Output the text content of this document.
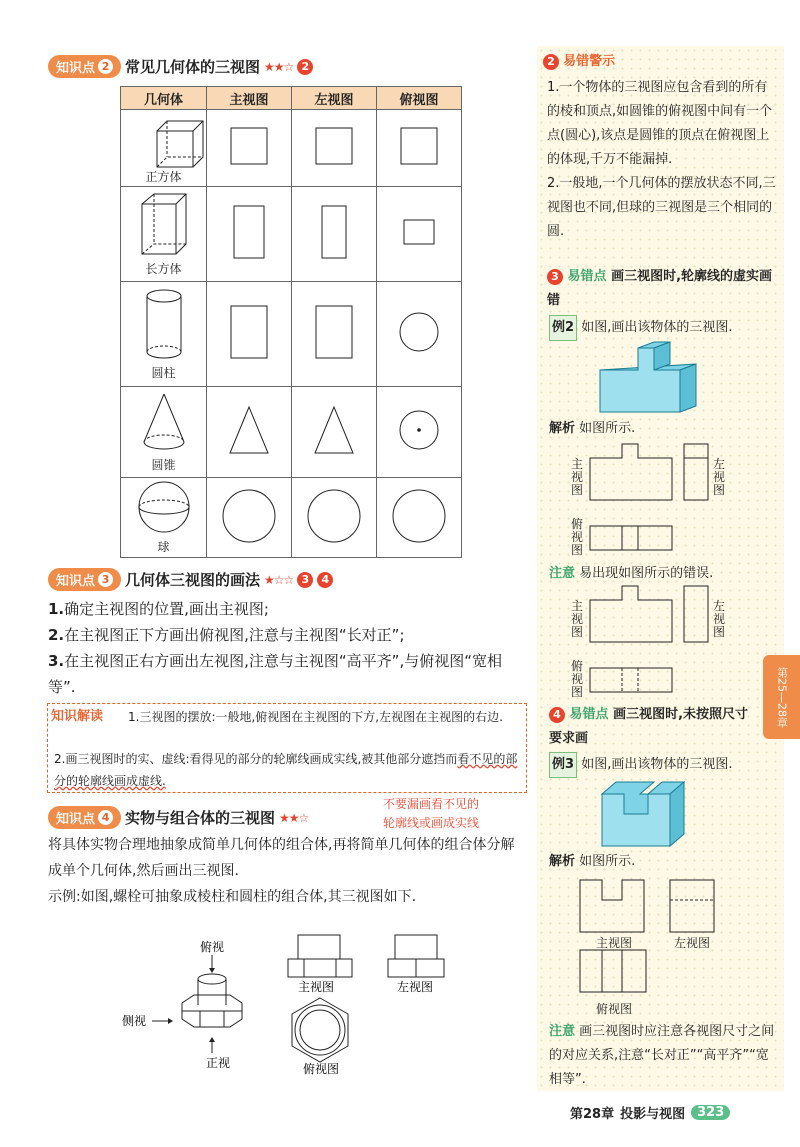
知识点 2 常见几何体的三视图 ★★☆ 2
几何体	主视图	左视图	俯视图

正方体

长方体

圆柱

圆锥

球

知识点 3 几何体三视图的画法 ★☆☆ 3	4
1.确定主视图的位置,画出主视图;
2.在主视图正下方画出俯视图,注意与主视图“长对正”;
3.在主视图正右方画出左视图,注意与主视图“高平齐”,与俯视图“宽相等”.
知识解读 1.三视图的摆放:一般地,俯视图在主视图的下方,左视图在主视图的右边.
2.画三视图时的实、虚线:看得见的部分的轮廓线画成实线,被其他部分遮挡而看不见的部分的轮廓线画成虚线.
不要漏画看不见的
轮廓线或画成实线
知识点 4 实物与组合体的三视图 ★★☆
将具体实物合理地抽象成简单几何体的组合体,再将简单几何体的组合体分解成单个几何体,然后画出三视图.
示例:如图,螺栓可抽象成棱柱和圆柱的组合体,其三视图如下.
俯视
侧视
正视
主视图	左视图
俯视图
2 易错警示
1.一个物体的三视图应包含看到的所有的棱和顶点,如圆锥的俯视图中间有一个点(圆心),该点是圆锥的顶点在俯视图上的体现,千万不能漏掉.
2.一般地,一个几何体的摆放状态不同,三视图也不同,但球的三视图是三个相同的圆.
3 易错点 画三视图时,轮廓线的虚实画错
例2 如图,画出该物体的三视图.
解析 如图所示.
主视图
左视图
俯视图
注意 易出现如图所示的错误.
主视图
左视图
俯视图
4 易错点 画三视图时,未按照尺寸要求画
例3 如图,画出该物体的三视图.
解析 如图所示.
主视图	左视图
俯视图
注意 画三视图时应注意各视图尺寸之间的对应关系,注意“长对正”“高平齐”“宽相等”.
第25—28章
第28章 投影与视图 323
